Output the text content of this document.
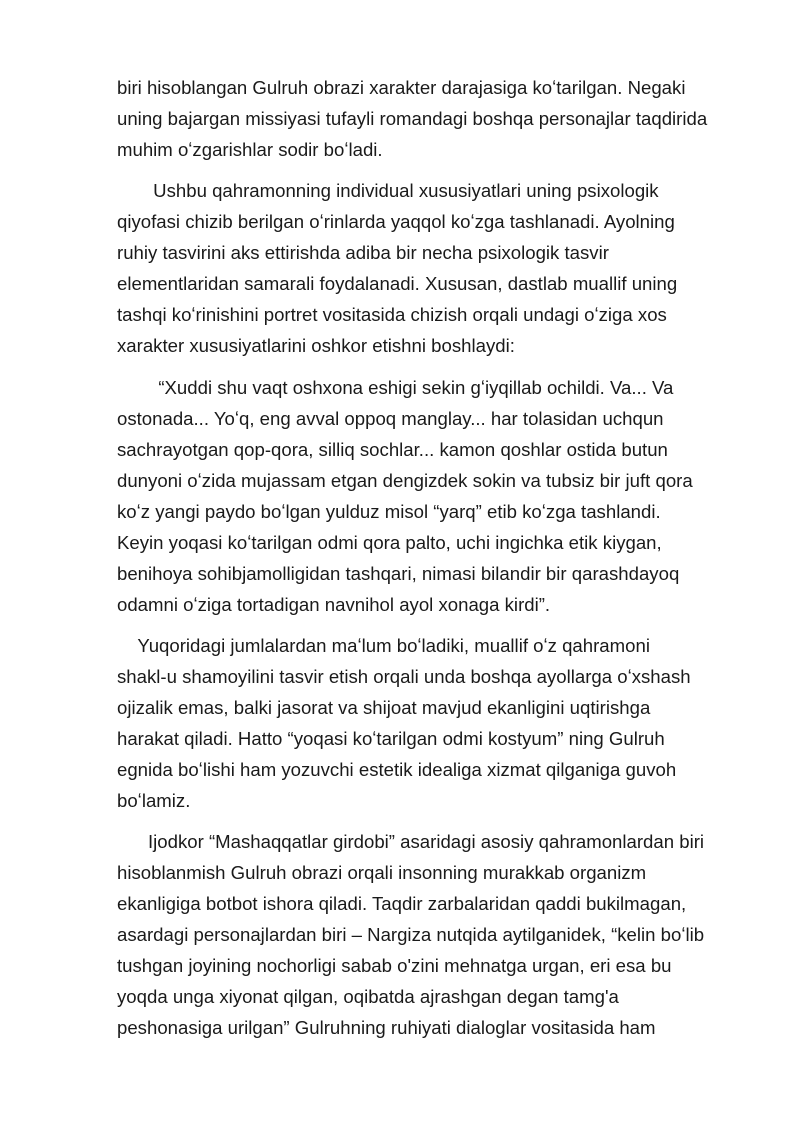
biri hisoblangan Gulruh obrazi xarakter darajasiga koʻtarilgan. Negaki
uning bajargan missiyasi tufayli romandagi boshqa personajlar taqdirida
muhim oʻzgarishlar sodir boʻladi.

Ushbu qahramonning individual xususiyatlari uning psixologik
qiyofasi chizib berilgan oʻrinlarda yaqqol koʻzga tashlanadi. Ayolning
ruhiy tasvirini aks ettirishda adiba bir necha psixologik tasvir
elementlaridan samarali foydalanadi. Xususan, dastlab muallif uning
tashqi koʻrinishini portret vositasida chizish orqali undagi oʻziga xos
xarakter xususiyatlarini oshkor etishni boshlaydi:

“Xuddi shu vaqt oshxona eshigi sekin gʻiyqillab ochildi. Va... Va
ostonada... Yoʻq, eng avval oppoq manglay... har tolasidan uchqun
sachrayotgan qop-qora, silliq sochlar... kamon qoshlar ostida butun
dunyoni oʻzida mujassam etgan dengizdek sokin va tubsiz bir juft qora
koʻz yangi paydo boʻlgan yulduz misol “yarq” etib koʻzga tashlandi.
Keyin yoqasi koʻtarilgan odmi qora palto, uchi ingichka etik kiygan,
benihoya sohibjamolligidan tashqari, nimasi bilandir bir qarashdayoq
odamni oʻziga tortadigan navnihol ayol xonaga kirdi”.

Yuqoridagi jumlalardan maʻlum boʻladiki, muallif oʻz qahramoni
shakl-u shamoyilini tasvir etish orqali unda boshqa ayollarga oʻxshash
ojizalik emas, balki jasorat va shijoat mavjud ekanligini uqtirishga
harakat qiladi. Hatto “yoqasi koʻtarilgan odmi kostyum” ning Gulruh
egnida boʻlishi ham yozuvchi estetik idealiga xizmat qilganiga guvoh
boʻlamiz.

Ijodkor “Mashaqqatlar girdobi” asaridagi asosiy qahramonlardan biri
hisoblanmish Gulruh obrazi orqali insonning murakkab organizm
ekanligiga botbot ishora qiladi. Taqdir zarbalaridan qaddi bukilmagan,
asardagi personajlardan biri – Nargiza nutqida aytilganidek, “kelin boʻlib
tushgan joyining nochorligi sabab o'zini mehnatga urgan, eri esa bu
yoqda unga xiyonat qilgan, oqibatda ajrashgan degan tamg'a
peshonasiga urilgan” Gulruhning ruhiyati dialoglar vositasida ham
